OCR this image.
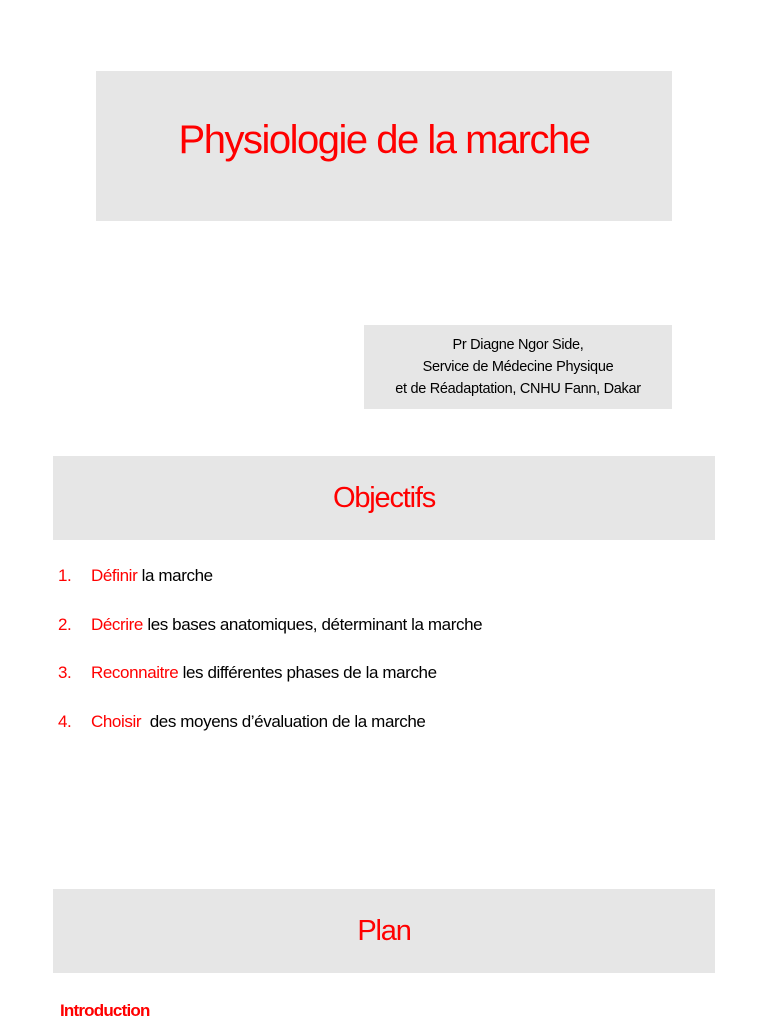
Physiologie de la marche
Pr Diagne Ngor Side,
Service de Médecine Physique
et de Réadaptation, CNHU Fann, Dakar
Objectifs
1. Définir la marche
2. Décrire les bases anatomiques, déterminant la marche
3. Reconnaitre les différentes phases de la marche
4. Choisir  des moyens d’évaluation de la marche
Plan

Introduction
